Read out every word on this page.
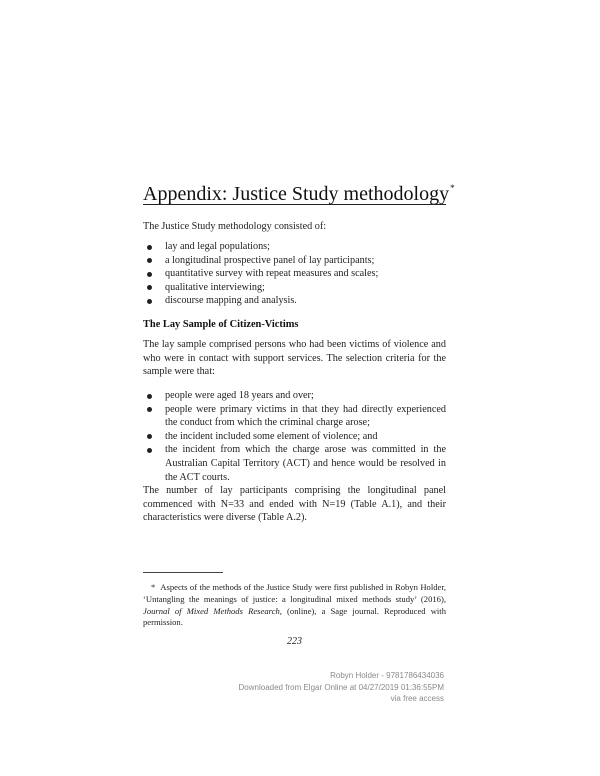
Appendix: Justice Study methodology*
The Justice Study methodology consisted of:
lay and legal populations;
a longitudinal prospective panel of lay participants;
quantitative survey with repeat measures and scales;
qualitative interviewing;
discourse mapping and analysis.
The Lay Sample of Citizen-Victims
The lay sample comprised persons who had been victims of violence and who were in contact with support services. The selection criteria for the sample were that:
people were aged 18 years and over;
people were primary victims in that they had directly experienced the conduct from which the criminal charge arose;
the incident included some element of violence; and
the incident from which the charge arose was committed in the Australian Capital Territory (ACT) and hence would be resolved in the ACT courts.
The number of lay participants comprising the longitudinal panel commenced with N=33 and ended with N=19 (Table A.1), and their characteristics were diverse (Table A.2).
* Aspects of the methods of the Justice Study were first published in Robyn Holder, ‘Untangling the meanings of justice: a longitudinal mixed methods study’ (2016), Journal of Mixed Methods Research, (online), a Sage journal. Reproduced with permission.
223
Robyn Holder - 9781786434036
Downloaded from Elgar Online at 04/27/2019 01:36:55PM
via free access
